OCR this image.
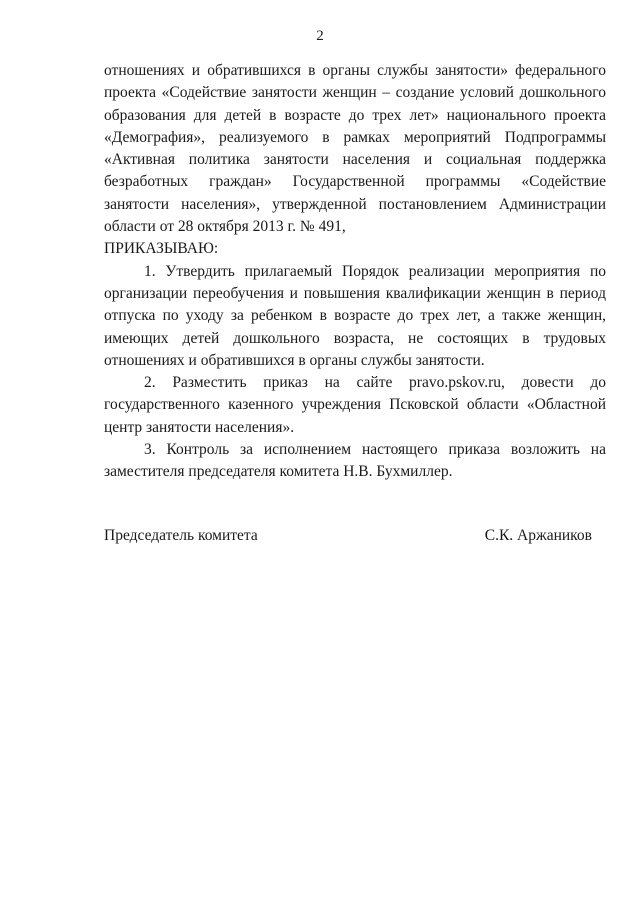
2

отношениях и обратившихся в органы службы занятости» федерального проекта «Содействие занятости женщин – создание условий дошкольного образования для детей в возрасте до трех лет» национального проекта «Демография», реализуемого в рамках мероприятий Подпрограммы «Активная политика занятости населения и социальная поддержка безработных граждан» Государственной программы «Содействие занятости населения», утвержденной постановлением Администрации области от 28 октября 2013 г. № 491,

ПРИКАЗЫВАЮ:

1. Утвердить прилагаемый Порядок реализации мероприятия по организации переобучения и повышения квалификации женщин в период отпуска по уходу за ребенком в возрасте до трех лет, а также женщин, имеющих детей дошкольного возраста, не состоящих в трудовых отношениях и обратившихся в органы службы занятости.

2. Разместить приказ на сайте pravo.pskov.ru, довести до государственного казенного учреждения Псковской области «Областной центр занятости населения».

3. Контроль за исполнением настоящего приказа возложить на заместителя председателя комитета Н.В. Бухмиллер.

Председатель комитета	С.К. Аржаников
